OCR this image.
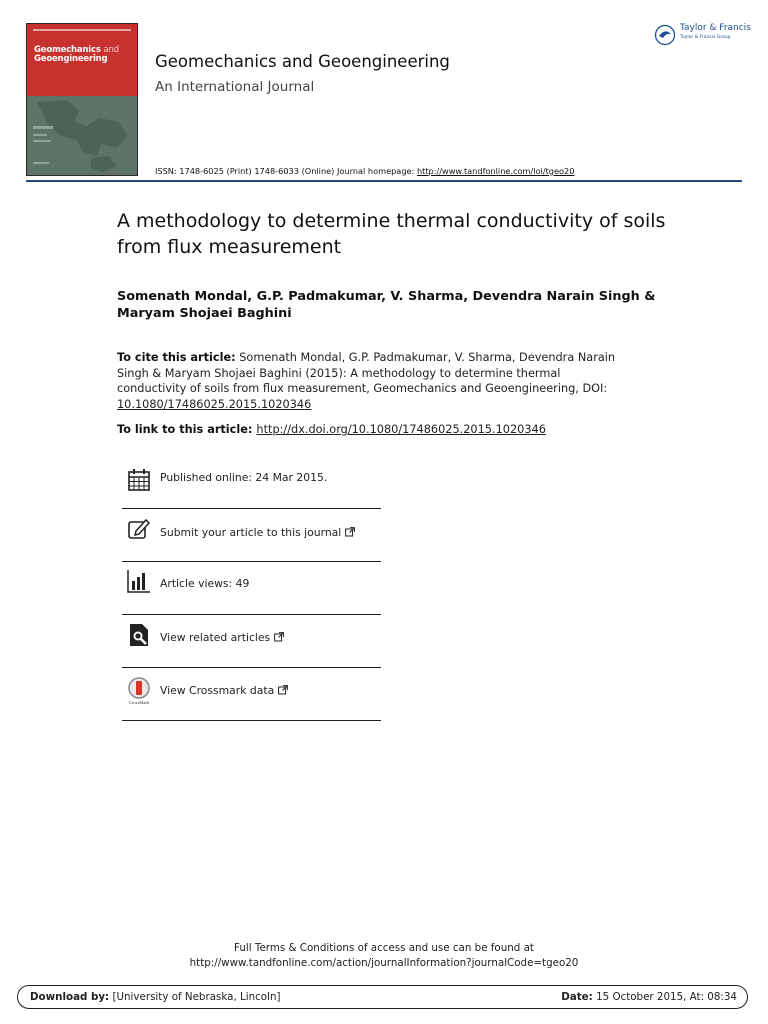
Geomechanics and
Geoengineering	Geomechanics and Geoengineering
An International Journal
ISSN: 1748-6025 (Print) 1748-6033 (Online) Journal homepage: http://www.tandfonline.com/loi/tgeo20
Taylor & Francis
Taylor & Francis Group
A methodology to determine thermal conductivity of soils from flux measurement
Somenath Mondal, G.P. Padmakumar, V. Sharma, Devendra Narain Singh & Maryam Shojaei Baghini
To cite this article: Somenath Mondal, G.P. Padmakumar, V. Sharma, Devendra Narain Singh & Maryam Shojaei Baghini (2015): A methodology to determine thermal conductivity of soils from flux measurement, Geomechanics and Geoengineering, DOI: 10.1080/17486025.2015.1020346
To link to this article: http://dx.doi.org/10.1080/17486025.2015.1020346
Published online: 24 Mar 2015.
Submit your article to this journal
Article views: 49
View related articles
CrossMark
View Crossmark data
Full Terms & Conditions of access and use can be found at
http://www.tandfonline.com/action/journalInformation?journalCode=tgeo20
Download by: [University of Nebraska, Lincoln]	Date: 15 October 2015, At: 08:34
